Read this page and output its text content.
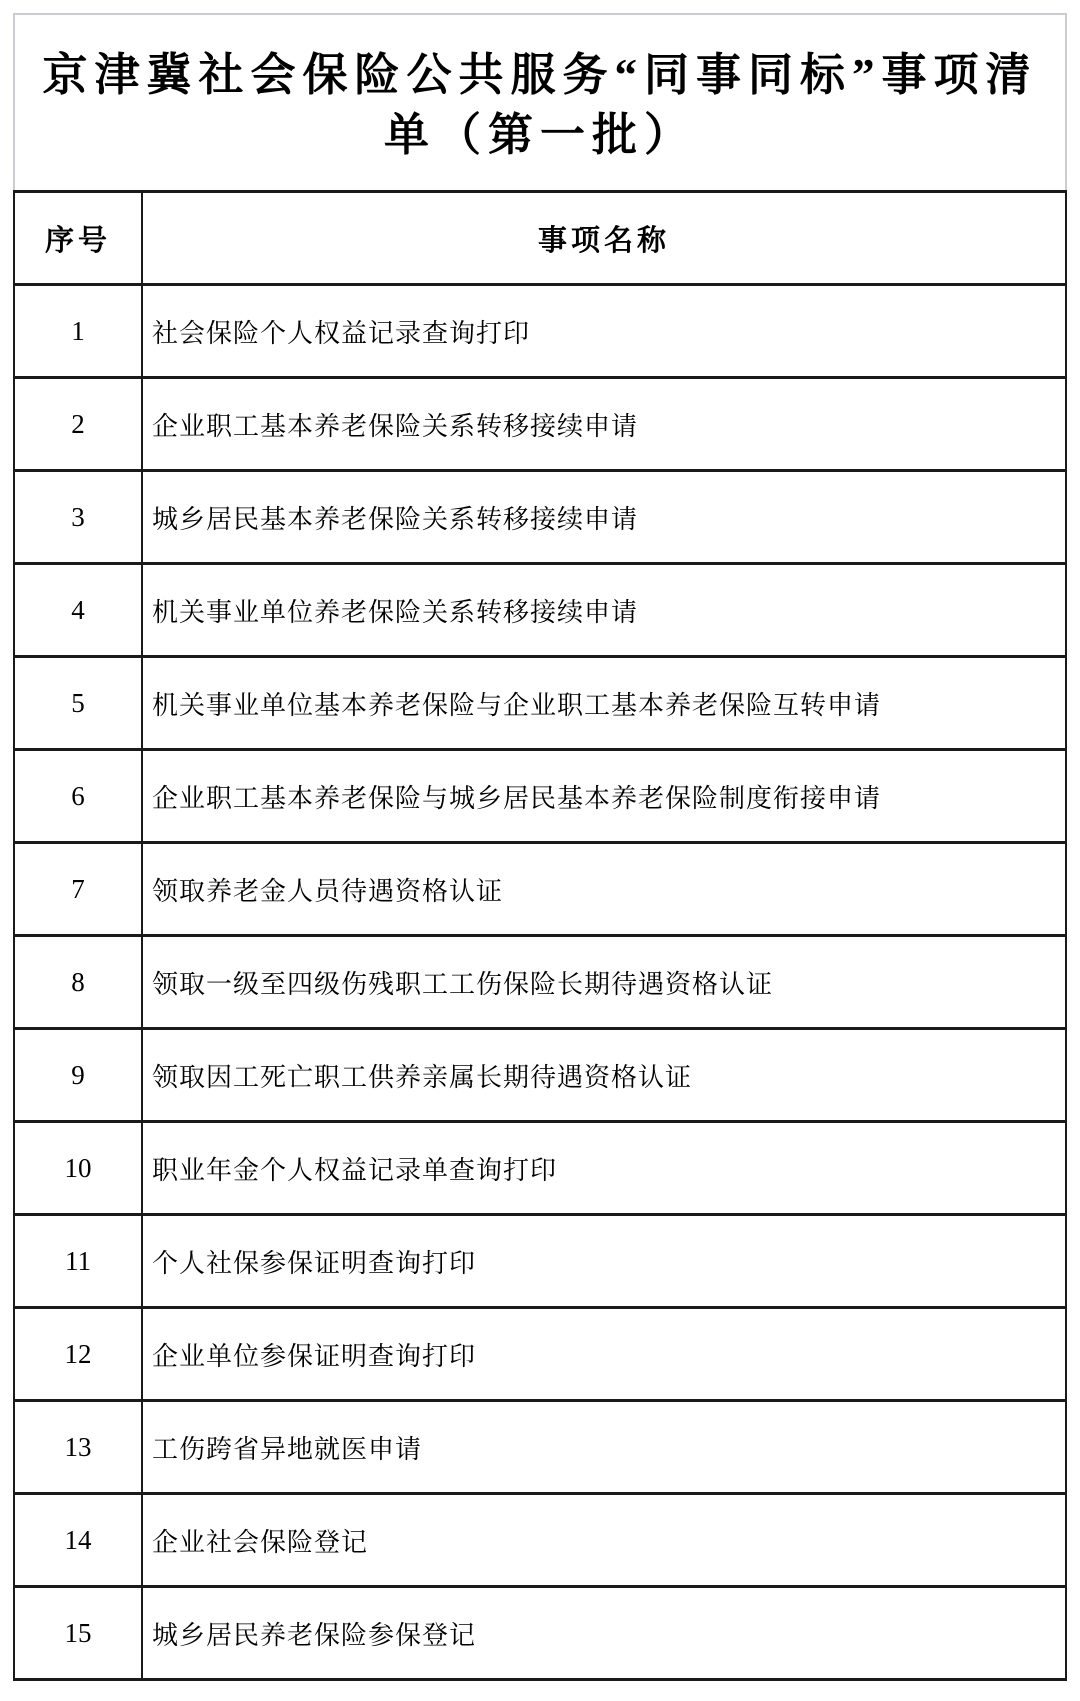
京津冀社会保险公共服务“同事同标”事项清
单（第一批）
序号	事项名称
1	社会保险个人权益记录查询打印
2	企业职工基本养老保险关系转移接续申请
3	城乡居民基本养老保险关系转移接续申请
4	机关事业单位养老保险关系转移接续申请
5	机关事业单位基本养老保险与企业职工基本养老保险互转申请
6	企业职工基本养老保险与城乡居民基本养老保险制度衔接申请
7	领取养老金人员待遇资格认证
8	领取一级至四级伤残职工工伤保险长期待遇资格认证
9	领取因工死亡职工供养亲属长期待遇资格认证
10	职业年金个人权益记录单查询打印
11	个人社保参保证明查询打印
12	企业单位参保证明查询打印
13	工伤跨省异地就医申请
14	企业社会保险登记
15	城乡居民养老保险参保登记
